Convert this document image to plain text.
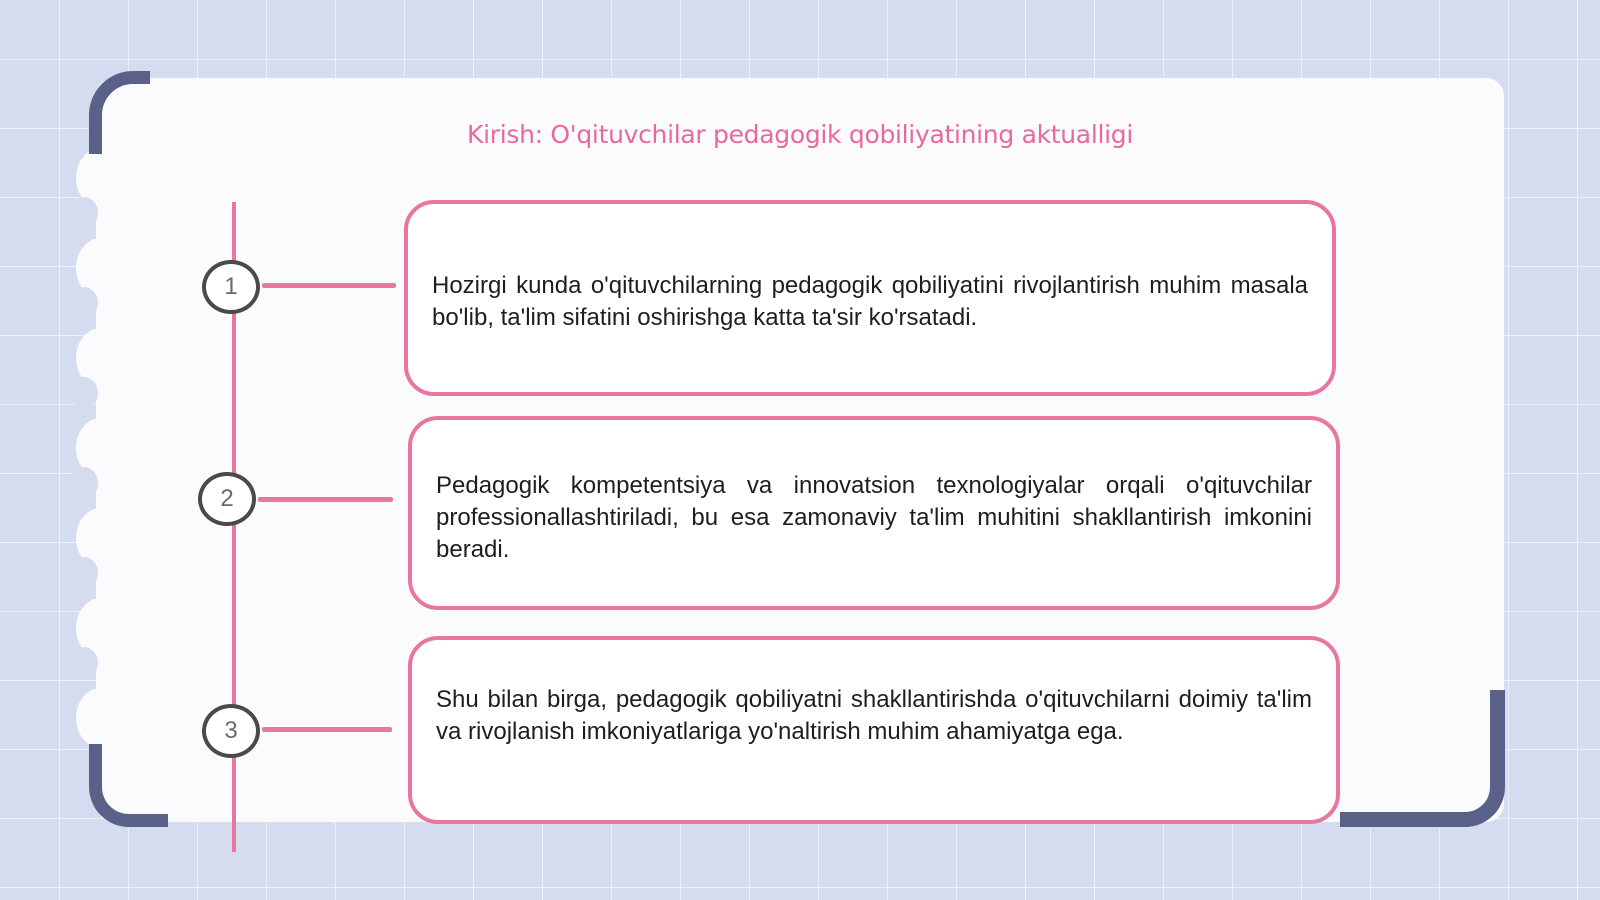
Kirish: O'qituvchilar pedagogik qobiliyatining aktualligi
1
2
3

Hozirgi kunda o'qituvchilarning pedagogik qobiliyatini rivojlantirish muhim masala bo'lib, ta'lim sifatini oshirishga katta ta'sir ko'rsatadi.

Pedagogik kompetentsiya va innovatsion texnologiyalar orqali o'qituvchilar professionallashtiriladi, bu esa zamonaviy ta'lim muhitini shakllantirish imkonini beradi.

Shu bilan birga, pedagogik qobiliyatni shakllantirishda o'qituvchilarni doimiy ta'lim va rivojlanish imkoniyatlariga yo'naltirish muhim ahamiyatga ega.
